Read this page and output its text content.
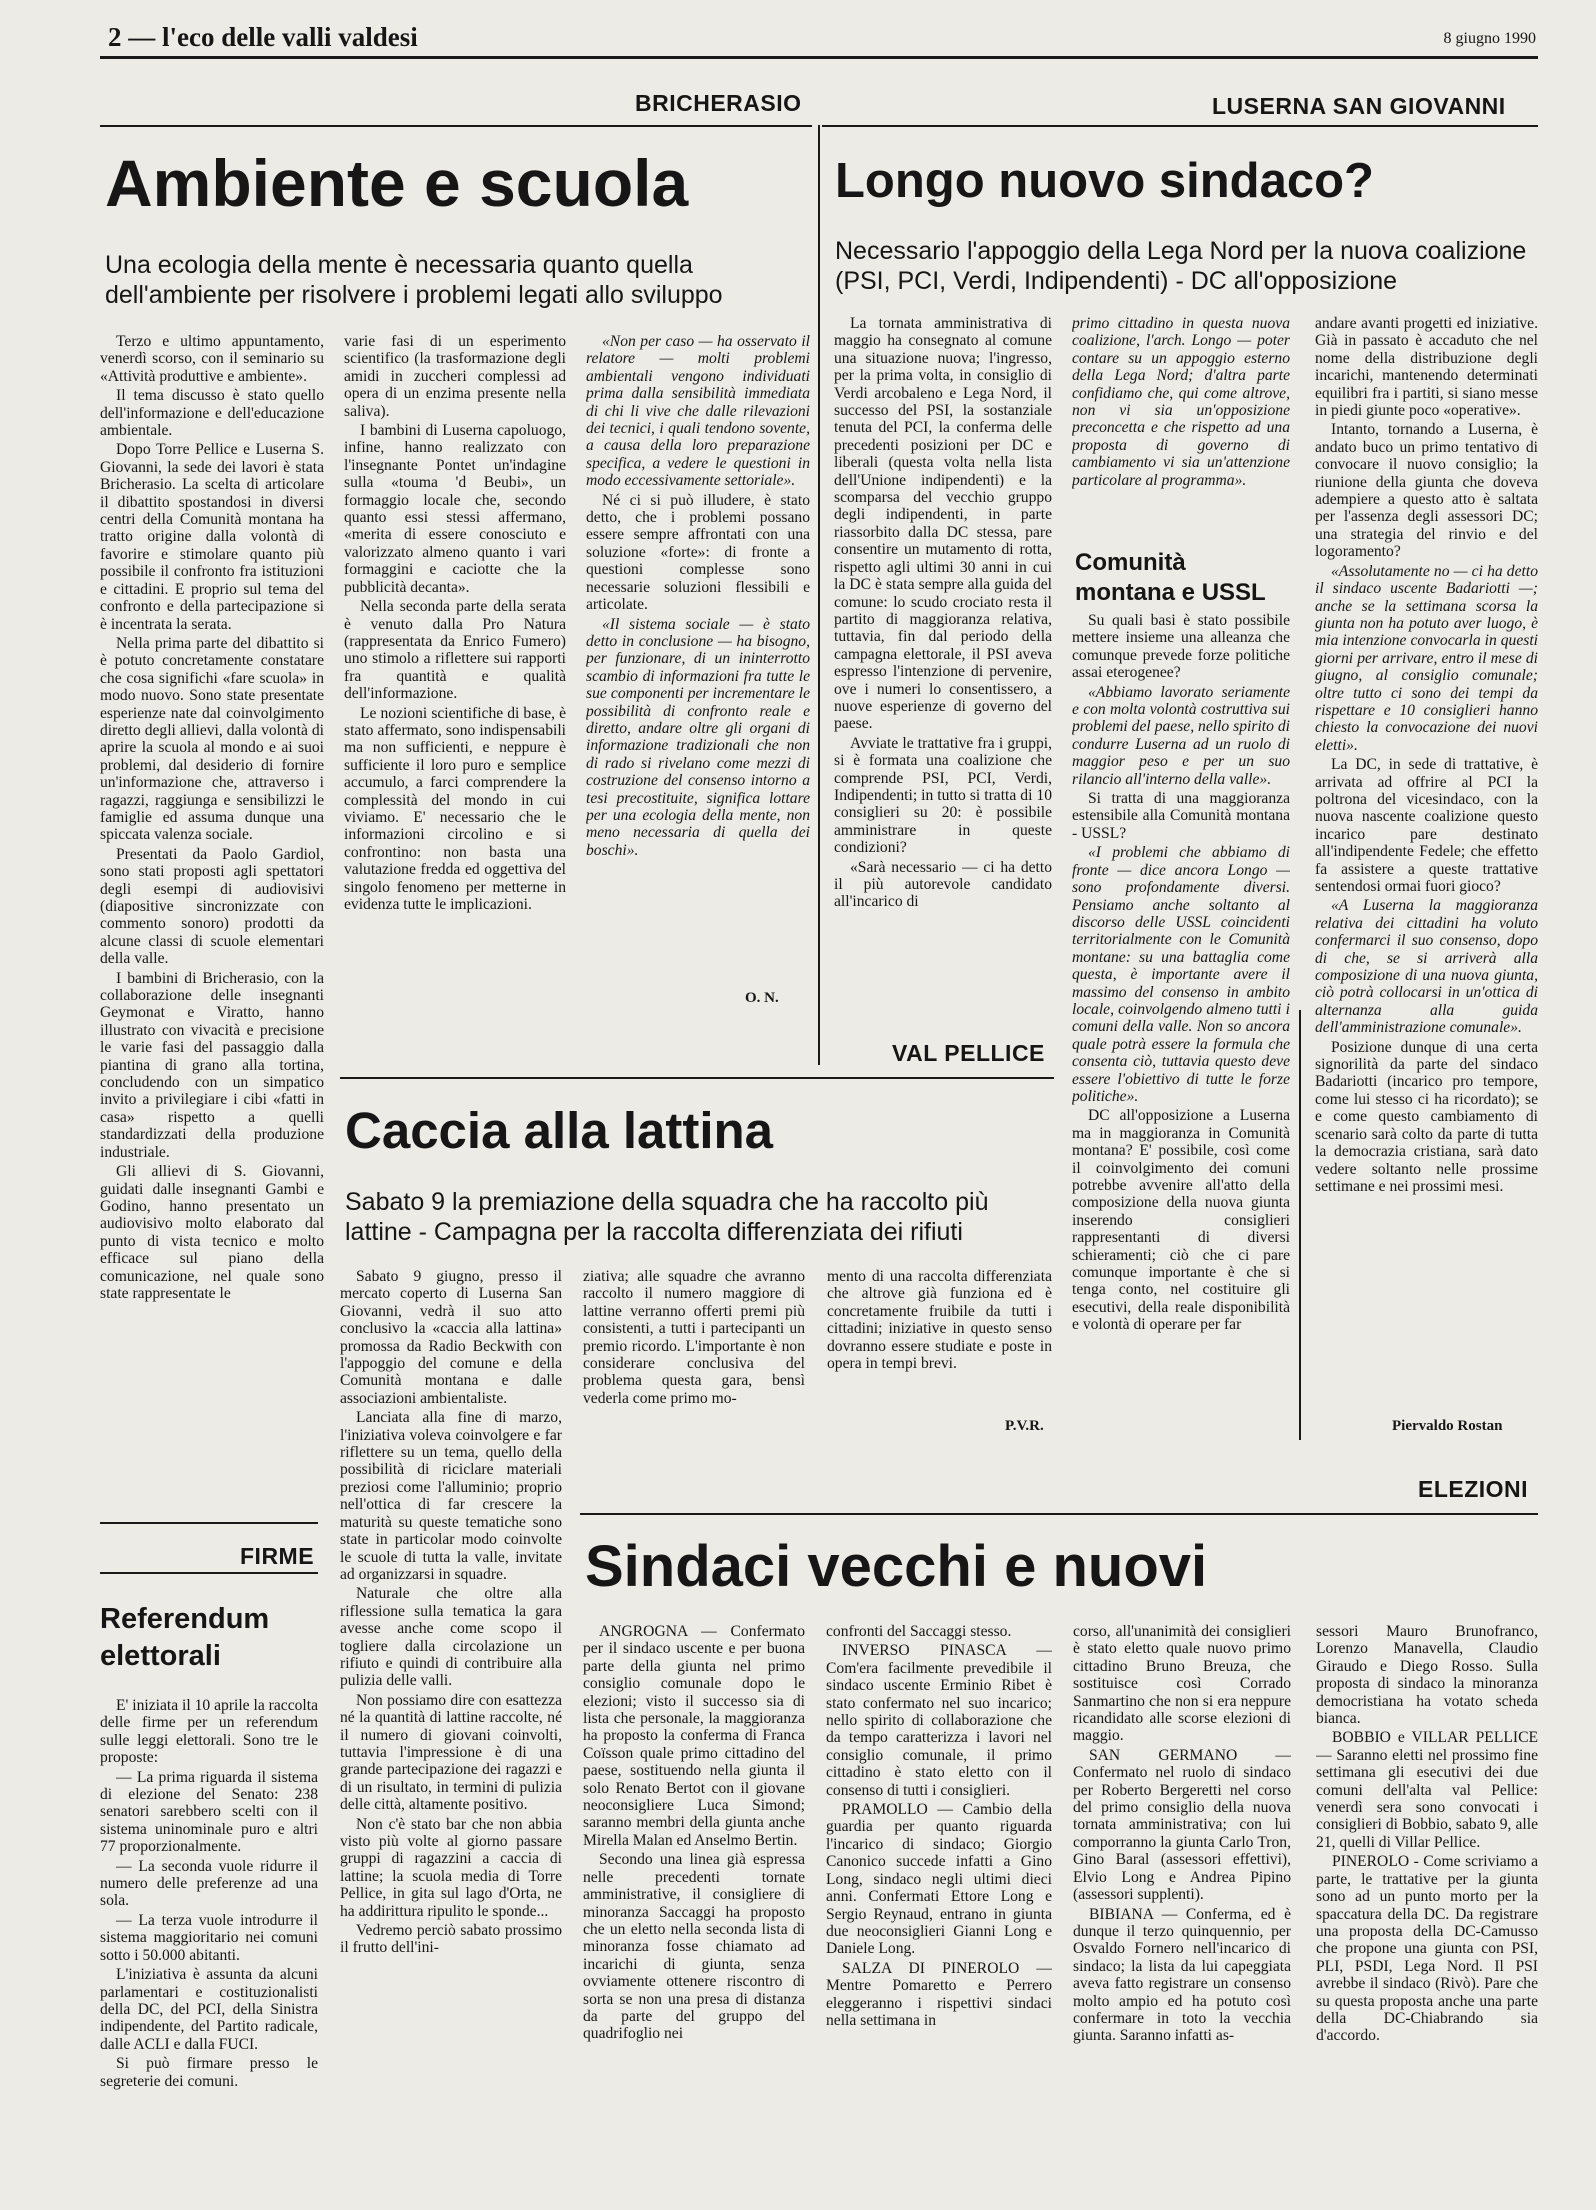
2 — l'eco delle valli valdesi	8 giugno 1990
BRICHERASIO
Ambiente e scuola
Una ecologia della mente è necessaria quanto quella dell'ambiente per risolvere i problemi legati allo sviluppo

Terzo e ultimo appuntamento, venerdì scorso, con il seminario su «Attività produttive e ambiente».

Il tema discusso è stato quello dell'informazione e dell'educazione ambientale.

Dopo Torre Pellice e Luserna S. Giovanni, la sede dei lavori è stata Bricherasio. La scelta di articolare il dibattito spostandosi in diversi centri della Comunità montana ha tratto origine dalla volontà di favorire e stimolare quanto più possibile il confronto fra istituzioni e cittadini. E proprio sul tema del confronto e della partecipazione si è incentrata la serata.

Nella prima parte del dibattito si è potuto concretamente constatare che cosa significhi «fare scuola» in modo nuovo. Sono state presentate esperienze nate dal coinvolgimento diretto degli allievi, dalla volontà di aprire la scuola al mondo e ai suoi problemi, dal desiderio di fornire un'informazione che, attraverso i ragazzi, raggiunga e sensibilizzi le famiglie ed assuma dunque una spiccata valenza sociale.

Presentati da Paolo Gardiol, sono stati proposti agli spettatori degli esempi di audiovisivi (diapositive sincronizzate con commento sonoro) prodotti da alcune classi di scuole elementari della valle.

I bambini di Bricherasio, con la collaborazione delle insegnanti Geymonat e Viratto, hanno illustrato con vivacità e precisione le varie fasi del passaggio dalla piantina di grano alla tortina, concludendo con un simpatico invito a privilegiare i cibi «fatti in casa» rispetto a quelli standardizzati della produzione industriale.

Gli allievi di S. Giovanni, guidati dalle insegnanti Gambi e Godino, hanno presentato un audiovisivo molto elaborato dal punto di vista tecnico e molto efficace sul piano della comunicazione, nel quale sono state rappresentate le

varie fasi di un esperimento scientifico (la trasformazione degli amidi in zuccheri complessi ad opera di un enzima presente nella saliva).

I bambini di Luserna capoluogo, infine, hanno realizzato con l'insegnante Pontet un'indagine sulla «touma 'd Beubi», un formaggio locale che, secondo quanto essi stessi affermano, «merita di essere conosciuto e valorizzato almeno quanto i vari formaggini e caciotte che la pubblicità decanta».

Nella seconda parte della serata è venuto dalla Pro Natura (rappresentata da Enrico Fumero) uno stimolo a riflettere sui rapporti fra quantità e qualità dell'informazione.

Le nozioni scientifiche di base, è stato affermato, sono indispensabili ma non sufficienti, e neppure è sufficiente il loro puro e semplice accumulo, a farci comprendere la complessità del mondo in cui viviamo. E' necessario che le informazioni circolino e si confrontino: non basta una valutazione fredda ed oggettiva del singolo fenomeno per metterne in evidenza tutte le implicazioni.

«Non per caso — ha osservato il relatore — molti problemi ambientali vengono individuati prima dalla sensibilità immediata di chi li vive che dalle rilevazioni dei tecnici, i quali tendono sovente, a causa della loro preparazione specifica, a vedere le questioni in modo eccessivamente settoriale».

Né ci si può illudere, è stato detto, che i problemi possano essere sempre affrontati con una soluzione «forte»: di fronte a questioni complesse sono necessarie soluzioni flessibili e articolate.

«Il sistema sociale — è stato detto in conclusione — ha bisogno, per funzionare, di un ininterrotto scambio di informazioni fra tutte le sue componenti per incrementare le possibilità di confronto reale e diretto, andare oltre gli organi di informazione tradizionali che non di rado si rivelano come mezzi di costruzione del consenso intorno a tesi precostituite, significa lottare per una ecologia della mente, non meno necessaria di quella dei boschi».

O. N.
LUSERNA SAN GIOVANNI
Longo nuovo sindaco?
Necessario l'appoggio della Lega Nord per la nuova coalizione (PSI, PCI, Verdi, Indipendenti) - DC all'opposizione

La tornata amministrativa di maggio ha consegnato al comune una situazione nuova; l'ingresso, per la prima volta, in consiglio di Verdi arcobaleno e Lega Nord, il successo del PSI, la sostanziale tenuta del PCI, la conferma delle precedenti posizioni per DC e liberali (questa volta nella lista dell'Unione indipendenti) e la scomparsa del vecchio gruppo degli indipendenti, in parte riassorbito dalla DC stessa, pare consentire un mutamento di rotta, rispetto agli ultimi 30 anni in cui la DC è stata sempre alla guida del comune: lo scudo crociato resta il partito di maggioranza relativa, tuttavia, fin dal periodo della campagna elettorale, il PSI aveva espresso l'intenzione di pervenire, ove i numeri lo consentissero, a nuove esperienze di governo del paese.

Avviate le trattative fra i gruppi, si è formata una coalizione che comprende PSI, PCI, Verdi, Indipendenti; in tutto si tratta di 10 consiglieri su 20: è possibile amministrare in queste condizioni?

«Sarà necessario — ci ha detto il più autorevole candidato all'incarico di

primo cittadino in questa nuova coalizione, l'arch. Longo — poter contare su un appoggio esterno della Lega Nord; d'altra parte confidiamo che, qui come altrove, non vi sia un'opposizione preconcetta e che rispetto ad una proposta di governo di cambiamento vi sia un'attenzione particolare al programma».

Comunità montana e USSL

Su quali basi è stato possibile mettere insieme una alleanza che comunque prevede forze politiche assai eterogenee?

«Abbiamo lavorato seriamente e con molta volontà costruttiva sui problemi del paese, nello spirito di condurre Luserna ad un ruolo di maggior peso e per un suo rilancio all'interno della valle».

Si tratta di una maggioranza estensibile alla Comunità montana - USSL?

«I problemi che abbiamo di fronte — dice ancora Longo — sono profondamente diversi. Pensiamo anche soltanto al discorso delle USSL coincidenti territorialmente con le Comunità montane: su una battaglia come questa, è importante avere il massimo del consenso in ambito locale, coinvolgendo almeno tutti i comuni della valle. Non so ancora quale potrà essere la formula che consenta ciò, tuttavia questo deve essere l'obiettivo di tutte le forze politiche».

DC all'opposizione a Luserna ma in maggioranza in Comunità montana? E' possibile, così come il coinvolgimento dei comuni potrebbe avvenire all'atto della composizione della nuova giunta inserendo consiglieri rappresentanti di diversi schieramenti; ciò che ci pare comunque importante è che si tenga conto, nel costituire gli esecutivi, della reale disponibilità e volontà di operare per far

andare avanti progetti ed iniziative. Già in passato è accaduto che nel nome della distribuzione degli incarichi, mantenendo determinati equilibri fra i partiti, si siano messe in piedi giunte poco «operative».

Intanto, tornando a Luserna, è andato buco un primo tentativo di convocare il nuovo consiglio; la riunione della giunta che doveva adempiere a questo atto è saltata per l'assenza degli assessori DC; una strategia del rinvio e del logoramento?

«Assolutamente no — ci ha detto il sindaco uscente Badariotti —; anche se la settimana scorsa la giunta non ha potuto aver luogo, è mia intenzione convocarla in questi giorni per arrivare, entro il mese di giugno, al consiglio comunale; oltre tutto ci sono dei tempi da rispettare e 10 consiglieri hanno chiesto la convocazione dei nuovi eletti».

La DC, in sede di trattative, è arrivata ad offrire al PCI la poltrona del vicesindaco, con la nuova nascente coalizione questo incarico pare destinato all'indipendente Fedele; che effetto fa assistere a queste trattative sentendosi ormai fuori gioco?

«A Luserna la maggioranza relativa dei cittadini ha voluto confermarci il suo consenso, dopo di che, se si arriverà alla composizione di una nuova giunta, ciò potrà collocarsi in un'ottica di alternanza alla guida dell'amministrazione comunale».

Posizione dunque di una certa signorilità da parte del sindaco Badariotti (incarico pro tempore, come lui stesso ci ha ricordato); se e come questo cambiamento di scenario sarà colto da parte di tutta la democrazia cristiana, sarà dato vedere soltanto nelle prossime settimane e nei prossimi mesi.

Piervaldo Rostan
VAL PELLICE
Caccia alla lattina
Sabato 9 la premiazione della squadra che ha raccolto più lattine - Campagna per la raccolta differenziata dei rifiuti

Sabato 9 giugno, presso il mercato coperto di Luserna San Giovanni, vedrà il suo atto conclusivo la «caccia alla lattina» promossa da Radio Beckwith con l'appoggio del comune e della Comunità montana e dalle associazioni ambientaliste.

Lanciata alla fine di marzo, l'iniziativa voleva coinvolgere e far riflettere su un tema, quello della possibilità di riciclare materiali preziosi come l'alluminio; proprio nell'ottica di far crescere la maturità su queste tematiche sono state in particolar modo coinvolte le scuole di tutta la valle, invitate ad organizzarsi in squadre.

Naturale che oltre alla riflessione sulla tematica la gara avesse anche come scopo il togliere dalla circolazione un rifiuto e quindi di contribuire alla pulizia delle valli.

Non possiamo dire con esattezza né la quantità di lattine raccolte, né il numero di giovani coinvolti, tuttavia l'impressione è di una grande partecipazione dei ragazzi e di un risultato, in termini di pulizia delle città, altamente positivo.

Non c'è stato bar che non abbia visto più volte al giorno passare gruppi di ragazzini a caccia di lattine; la scuola media di Torre Pellice, in gita sul lago d'Orta, ne ha addirittura ripulito le sponde...

Vedremo perciò sabato prossimo il frutto dell'ini-

ziativa; alle squadre che avranno raccolto il numero maggiore di lattine verranno offerti premi più consistenti, a tutti i partecipanti un premio ricordo. L'importante è non considerare conclusiva del problema questa gara, bensì vederla come primo mo-

mento di una raccolta differenziata che altrove già funziona ed è concretamente fruibile da tutti i cittadini; iniziative in questo senso dovranno essere studiate e poste in opera in tempi brevi.

P.V.R.
FIRME
Referendum
elettorali

E' iniziata il 10 aprile la raccolta delle firme per un referendum sulle leggi elettorali. Sono tre le proposte:

— La prima riguarda il sistema di elezione del Senato: 238 senatori sarebbero scelti con il sistema uninominale puro e altri 77 proporzionalmente.

— La seconda vuole ridurre il numero delle preferenze ad una sola.

— La terza vuole introdurre il sistema maggioritario nei comuni sotto i 50.000 abitanti.

L'iniziativa è assunta da alcuni parlamentari e costituzionalisti della DC, del PCI, della Sinistra indipendente, del Partito radicale, dalle ACLI e dalla FUCI.

Si può firmare presso le segreterie dei comuni.

ELEZIONI
Sindaci vecchi e nuovi

ANGROGNA — Confermato per il sindaco uscente e per buona parte della giunta nel primo consiglio comunale dopo le elezioni; visto il successo sia di lista che personale, la maggioranza ha proposto la conferma di Franca Coïsson quale primo cittadino del paese, sostituendo nella giunta il solo Renato Bertot con il giovane neoconsigliere Luca Simond; saranno membri della giunta anche Mirella Malan ed Anselmo Bertin.

Secondo una linea già espressa nelle precedenti tornate amministrative, il consigliere di minoranza Saccaggi ha proposto che un eletto nella seconda lista di minoranza fosse chiamato ad incarichi di giunta, senza ovviamente ottenere riscontro di sorta se non una presa di distanza da parte del gruppo del quadrifoglio nei

confronti del Saccaggi stesso.

INVERSO PINASCA — Com'era facilmente prevedibile il sindaco uscente Erminio Ribet è stato confermato nel suo incarico; nello spirito di collaborazione che da tempo caratterizza i lavori nel consiglio comunale, il primo cittadino è stato eletto con il consenso di tutti i consiglieri.

PRAMOLLO — Cambio della guardia per quanto riguarda l'incarico di sindaco; Giorgio Canonico succede infatti a Gino Long, sindaco negli ultimi dieci anni. Confermati Ettore Long e Sergio Reynaud, entrano in giunta due neoconsiglieri Gianni Long e Daniele Long.

SALZA DI PINEROLO — Mentre Pomaretto e Perrero eleggeranno i rispettivi sindaci nella settimana in

corso, all'unanimità dei consiglieri è stato eletto quale nuovo primo cittadino Bruno Breuza, che sostituisce così Corrado Sanmartino che non si era neppure ricandidato alle scorse elezioni di maggio.

SAN GERMANO — Confermato nel ruolo di sindaco per Roberto Bergeretti nel corso del primo consiglio della nuova tornata amministrativa; con lui comporranno la giunta Carlo Tron, Gino Baral (assessori effettivi), Elvio Long e Andrea Pipino (assessori supplenti).

BIBIANA — Conferma, ed è dunque il terzo quinquennio, per Osvaldo Fornero nell'incarico di sindaco; la lista da lui capeggiata aveva fatto registrare un consenso molto ampio ed ha potuto così confermare in toto la vecchia giunta. Saranno infatti as-

sessori Mauro Brunofranco, Lorenzo Manavella, Claudio Giraudo e Diego Rosso. Sulla proposta di sindaco la minoranza democristiana ha votato scheda bianca.

BOBBIO e VILLAR PELLICE — Saranno eletti nel prossimo fine settimana gli esecutivi dei due comuni dell'alta val Pellice: venerdì sera sono convocati i consiglieri di Bobbio, sabato 9, alle 21, quelli di Villar Pellice.

PINEROLO - Come scriviamo a parte, le trattative per la giunta sono ad un punto morto per la spaccatura della DC. Da registrare una proposta della DC-Camusso che propone una giunta con PSI, PLI, PSDI, Lega Nord. Il PSI avrebbe il sindaco (Rivò). Pare che su questa proposta anche una parte della DC-Chiabrando sia d'accordo.
